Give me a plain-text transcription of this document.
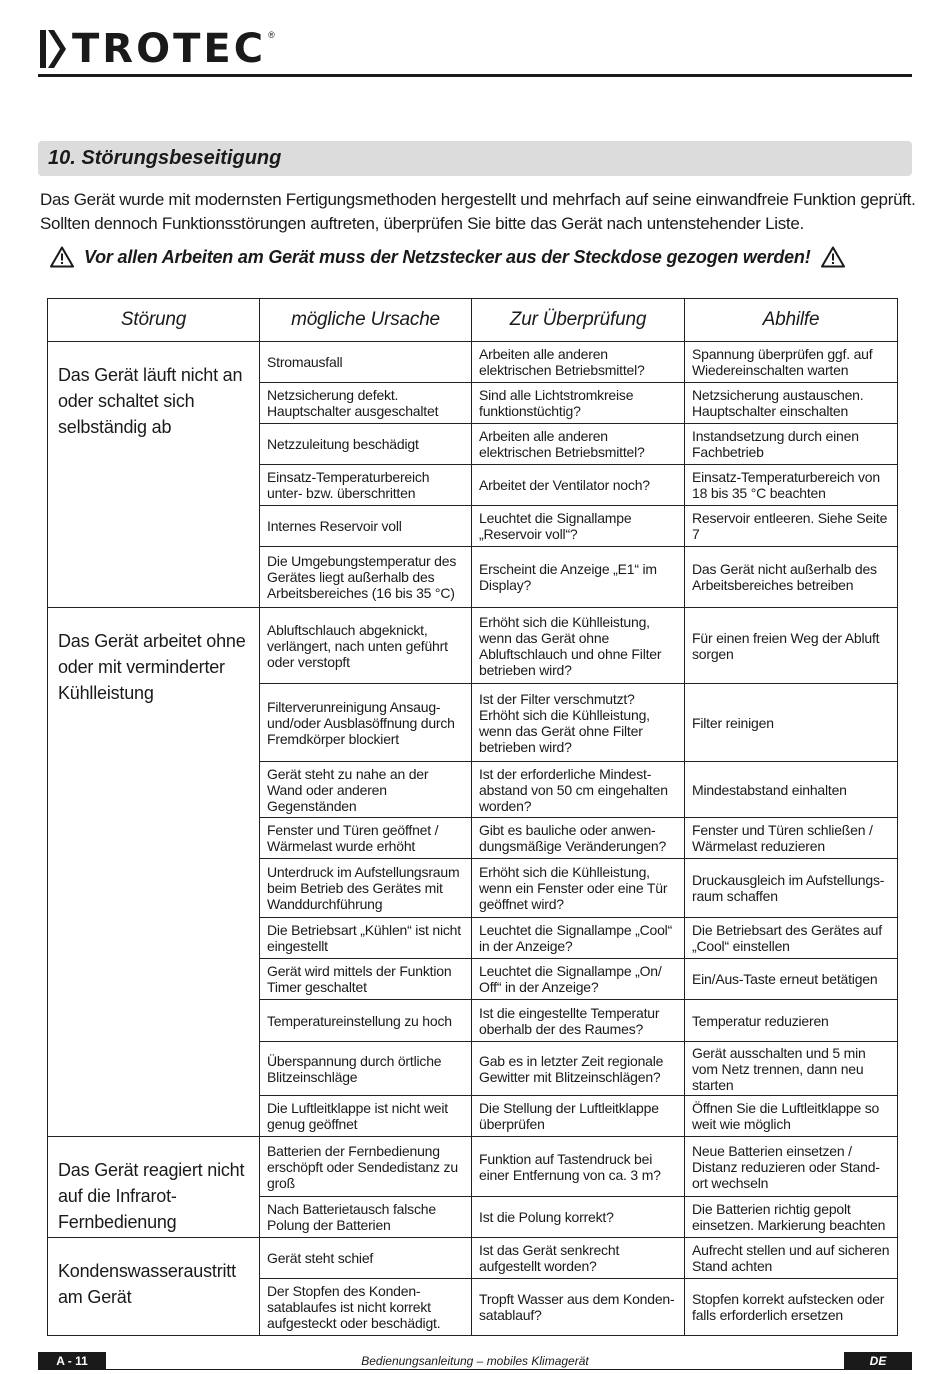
TROTEC ®
10. Störungsbeseitigung
Das Gerät wurde mit modernsten Fertigungsmethoden hergestellt und mehrfach auf seine einwandfreie Funktion geprüft. Sollten dennoch Funktionsstörungen auftreten, überprüfen Sie bitte das Gerät nach untenstehender Liste.
Vor allen Arbeiten am Gerät muss der Netzstecker aus der Steckdose gezogen werden!
Störung	mögliche Ursache	Zur Überprüfung	Abhilfe
Das Gerät läuft nicht an oder schaltet sich selbständig ab	Stromausfall	Arbeiten alle anderen elektrischen Betriebsmittel?	Spannung überprüfen ggf. auf Wiedereinschalten warten
	Netzsicherung defekt. Hauptschalter ausgeschaltet	Sind alle Lichtstromkreise funktionstüchtig?	Netzsicherung austauschen. Hauptschalter einschalten
	Netzzuleitung beschädigt	Arbeiten alle anderen elektrischen Betriebsmittel?	Instandsetzung durch einen Fachbetrieb
	Einsatz-Temperaturbereich unter- bzw. überschritten	Arbeitet der Ventilator noch?	Einsatz-Temperaturbereich von 18 bis 35 °C beachten
	Internes Reservoir voll	Leuchtet die Signallampe „Reservoir voll“?	Reservoir entleeren. Siehe Seite 7
	Die Umgebungstemperatur des Gerätes liegt außerhalb des Arbeitsbereiches (16 bis 35 °C)	Erscheint die Anzeige „E1“ im Display?	Das Gerät nicht außerhalb des Arbeitsbereiches betreiben
Das Gerät arbeitet ohne oder mit verminderter Kühlleistung	Abluftschlauch abgeknickt, verlängert, nach unten geführt oder verstopft	Erhöht sich die Kühlleistung, wenn das Gerät ohne Abluftschlauch und ohne Filter betrieben wird?	Für einen freien Weg der Abluft sorgen
	Filterverunreinigung Ansaug- und/oder Ausblasöffnung durch Fremdkörper blockiert	Ist der Filter verschmutzt? Erhöht sich die Kühlleistung, wenn das Gerät ohne Filter betrieben wird?	Filter reinigen
	Gerät steht zu nahe an der Wand oder anderen Gegenständen	Ist der erforderliche Mindest-abstand von 50 cm eingehalten worden?	Mindestabstand einhalten
	Fenster und Türen geöffnet / Wärmelast wurde erhöht	Gibt es bauliche oder anwen-dungsmäßige Veränderungen?	Fenster und Türen schließen / Wärmelast reduzieren
	Unterdruck im Aufstellungsraum beim Betrieb des Gerätes mit Wanddurchführung	Erhöht sich die Kühlleistung, wenn ein Fenster oder eine Tür geöffnet wird?	Druckausgleich im Aufstellungs-raum schaffen
	Die Betriebsart „Kühlen“ ist nicht eingestellt	Leuchtet die Signallampe „Cool“ in der Anzeige?	Die Betriebsart des Gerätes auf „Cool“ einstellen
	Gerät wird mittels der Funktion Timer geschaltet	Leuchtet die Signallampe „On/ Off“ in der Anzeige?	Ein/Aus-Taste erneut betätigen
	Temperatureinstellung zu hoch	Ist die eingestellte Temperatur oberhalb der des Raumes?	Temperatur reduzieren
	Überspannung durch örtliche Blitzeinschläge	Gab es in letzter Zeit regionale Gewitter mit Blitzeinschlägen?	Gerät ausschalten und 5 min vom Netz trennen, dann neu starten
	Die Luftleitklappe ist nicht weit genug geöffnet	Die Stellung der Luftleitklappe überprüfen	Öffnen Sie die Luftleitklappe so weit wie möglich
Das Gerät reagiert nicht auf die Infrarot-Fernbedienung	Batterien der Fernbedienung erschöpft oder Sendedistanz zu groß	Funktion auf Tastendruck bei einer Entfernung von ca. 3 m?	Neue Batterien einsetzen / Distanz reduzieren oder Stand-ort wechseln
	Nach Batterietausch falsche Polung der Batterien	Ist die Polung korrekt?	Die Batterien richtig gepolt einsetzen. Markierung beachten
Kondenswasseraustritt am Gerät	Gerät steht schief	Ist das Gerät senkrecht aufgestellt worden?	Aufrecht stellen und auf sicheren Stand achten
	Der Stopfen des Konden-satablaufes ist nicht korrekt aufgesteckt oder beschädigt.	Tropft Wasser aus dem Konden-satablauf?	Stopfen korrekt aufstecken oder falls erforderlich ersetzen
A - 11	Bedienungsanleitung – mobiles Klimagerät	DE
